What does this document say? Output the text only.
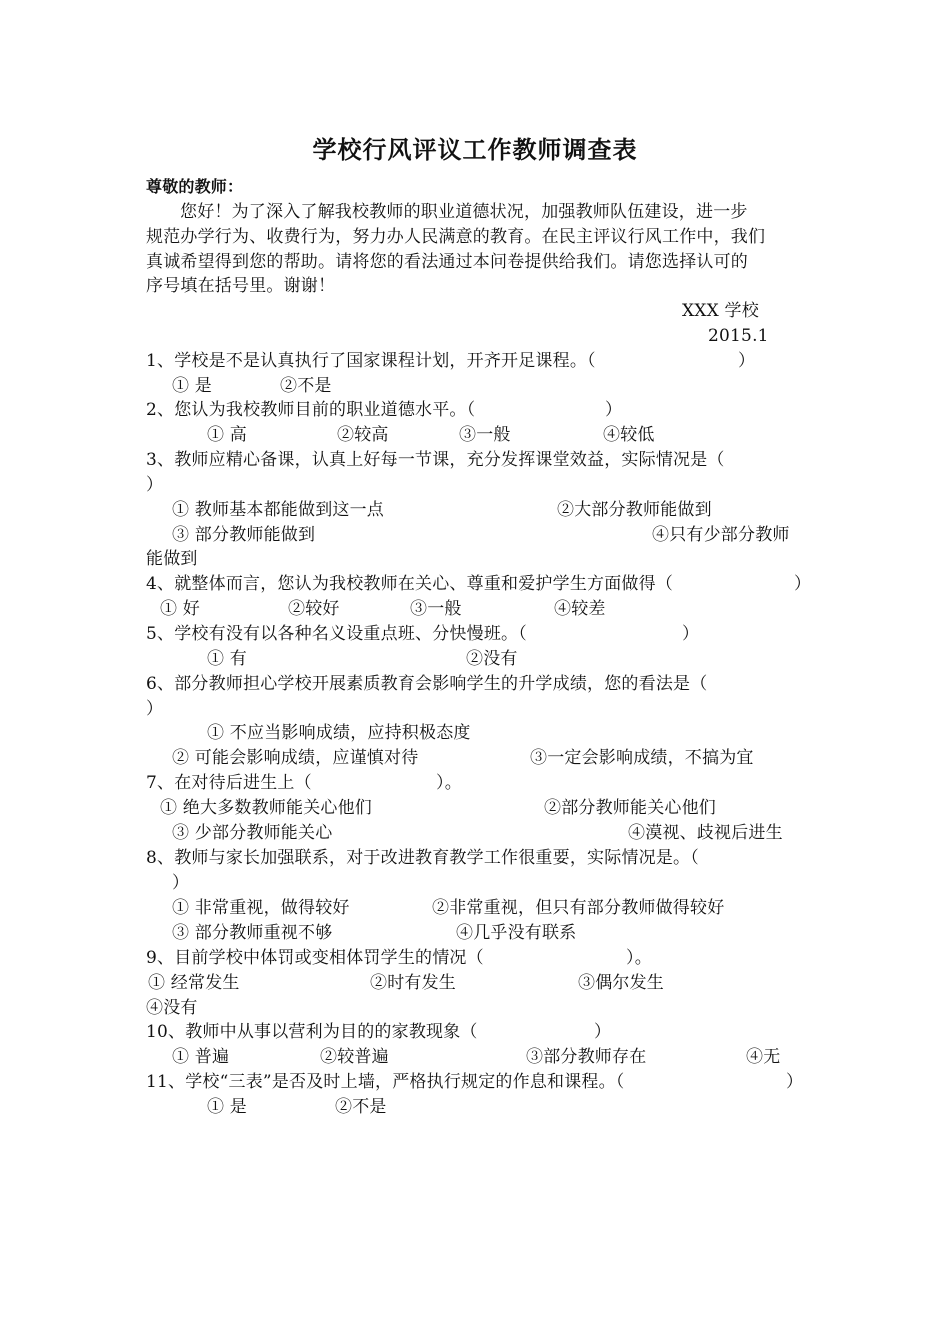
学校行风评议工作教师调查表
尊敬的教师：
您好！为了深入了解我校教师的职业道德状况，加强教师队伍建设，进一步
规范办学行为、收费行为，努力办人民满意的教育。在民主评议行风工作中，我们
真诚希望得到您的帮助。请将您的看法通过本问卷提供给我们。请您选择认可的
序号填在括号里。谢谢！
XXX 学校
2015.1
1、学校是不是认真执行了国家课程计划，开齐开足课程。（	）
① 是	②不是
2、您认为我校教师目前的职业道德水平。（	）
① 高	②较高	③一般	④较低
3、教师应精心备课，认真上好每一节课，充分发挥课堂效益，实际情况是（
）
① 教师基本都能做到这一点	②大部分教师能做到
③ 部分教师能做到	④只有少部分教师
能做到
4、就整体而言，您认为我校教师在关心、尊重和爱护学生方面做得（	）
① 好	②较好	③一般	④较差
5、学校有没有以各种名义设重点班、分快慢班。（	）
① 有	②没有
6、部分教师担心学校开展素质教育会影响学生的升学成绩，您的看法是（
）
① 不应当影响成绩，应持积极态度
② 可能会影响成绩，应谨慎对待	③一定会影响成绩，不搞为宜
7、在对待后进生上（	）。
① 绝大多数教师能关心他们	②部分教师能关心他们
③ 少部分教师能关心	④漠视、歧视后进生
8、教师与家长加强联系，对于改进教育教学工作很重要，实际情况是。（
）
① 非常重视，做得较好	②非常重视，但只有部分教师做得较好
③ 部分教师重视不够	④几乎没有联系
9、目前学校中体罚或变相体罚学生的情况（	）。
① 经常发生	②时有发生	③偶尔发生
④没有
10、教师中从事以营利为目的的家教现象（	）
① 普遍	②较普遍	③部分教师存在	④无
11、学校“三表”是否及时上墙，严格执行规定的作息和课程。（	）
① 是	②不是
